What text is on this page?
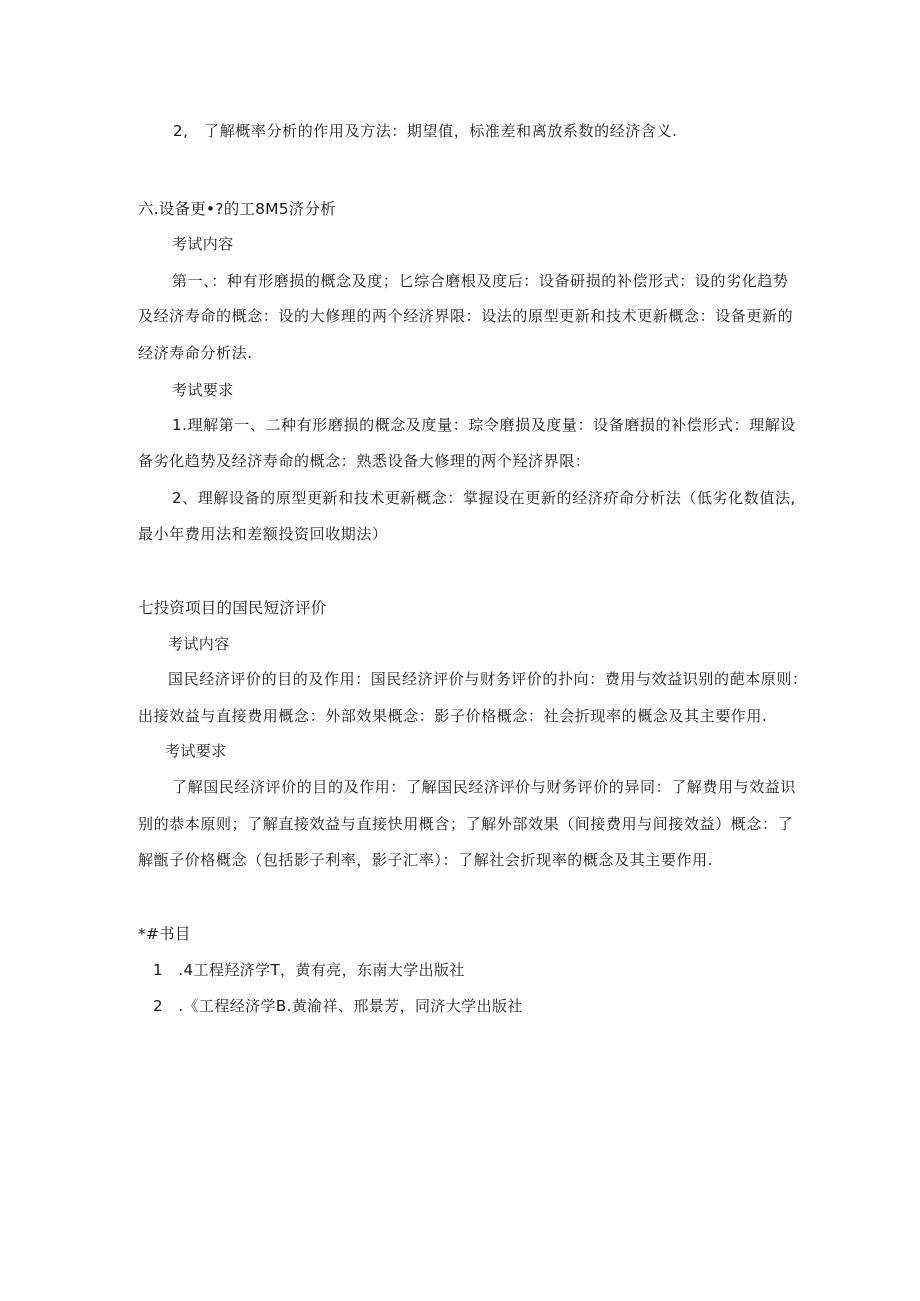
2,　了解概率分析的作用及方法：期望值，标准差和离放系数的经济含义.
六.设备更•?的工8M5济分析
考试内容
第一、：种有形磨损的概念及度；匕综合磨根及度后：设备研损的补偿形式：设的劣化趋势
及经济寿命的概念：设的大修理的两个经济界限：设法的原型更新和技术更新概念：设备更新的
经济寿命分析法.
考试要求
1.理解第一、二种有形磨损的概念及度量：琮令磨损及度量：设备磨损的补偿形式：理解设
备劣化趋势及经济寿命的概念：熟悉设备大修理的两个羟济界限：
2、理解设备的原型更新和技术更新概念：掌握设在更新的经济疥命分析法（低劣化数值法,
最小年费用法和差额投资回收期法）
七投资项目的国民短济评价
考试内容
国民经济评价的目的及作用：国民经济评价与财务评价的扑向：费用与效益识别的葩本原则：
出接效益与直接费用概念：外部效果概念：影子价格概念：社会折现率的概念及其主要作用.
考试要求
了解国民经济评价的目的及作用：了解国民经济评价与财务评价的异同：了解费用与效益识
别的恭本原则；了解直接效益与直接快用概含；了解外部效果（间接费用与间接效益）概念：了
解甑子价格概念（包括影子利率，影子汇率）：了解社会折现率的概念及其主要作用.
*#书目
1　.4工程羟济学T，黄有亮，东南大学出版社
2　.《工程经济学B.黄渝祥、邢景芳，同济大学出版社
